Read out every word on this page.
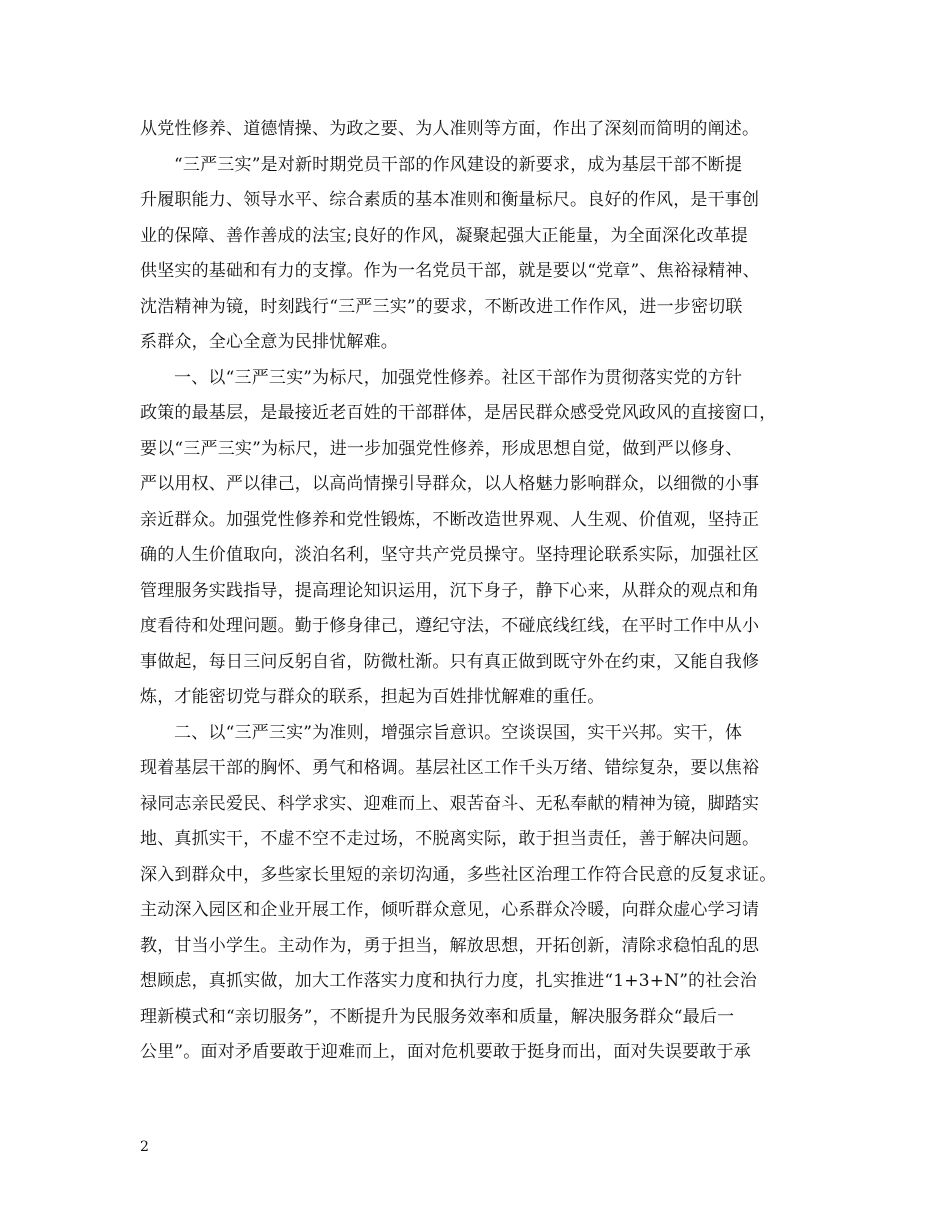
从党性修养、道德情操、为政之要、为人准则等方面，作出了深刻而简明的阐述。
“三严三实”是对新时期党员干部的作风建设的新要求，成为基层干部不断提
升履职能力、领导水平、综合素质的基本准则和衡量标尺。良好的作风，是干事创
业的保障、善作善成的法宝;良好的作风，凝聚起强大正能量，为全面深化改革提
供坚实的基础和有力的支撑。作为一名党员干部，就是要以“党章”、焦裕禄精神、
沈浩精神为镜，时刻践行“三严三实”的要求，不断改进工作作风，进一步密切联
系群众，全心全意为民排忧解难。
一、以“三严三实”为标尺，加强党性修养。社区干部作为贯彻落实党的方针
政策的最基层，是最接近老百姓的干部群体，是居民群众感受党风政风的直接窗口，
要以“三严三实”为标尺，进一步加强党性修养，形成思想自觉，做到严以修身、
严以用权、严以律己，以高尚情操引导群众，以人格魅力影响群众，以细微的小事
亲近群众。加强党性修养和党性锻炼，不断改造世界观、人生观、价值观，坚持正
确的人生价值取向，淡泊名利，坚守共产党员操守。坚持理论联系实际，加强社区
管理服务实践指导，提高理论知识运用，沉下身子，静下心来，从群众的观点和角
度看待和处理问题。勤于修身律己，遵纪守法，不碰底线红线，在平时工作中从小
事做起，每日三问反躬自省，防微杜渐。只有真正做到既守外在约束，又能自我修
炼，才能密切党与群众的联系，担起为百姓排忧解难的重任。
二、以“三严三实”为准则，增强宗旨意识。空谈误国，实干兴邦。实干，体
现着基层干部的胸怀、勇气和格调。基层社区工作千头万绪、错综复杂，要以焦裕
禄同志亲民爱民、科学求实、迎难而上、艰苦奋斗、无私奉献的精神为镜，脚踏实
地、真抓实干，不虚不空不走过场，不脱离实际，敢于担当责任，善于解决问题。
深入到群众中，多些家长里短的亲切沟通，多些社区治理工作符合民意的反复求证。
主动深入园区和企业开展工作，倾听群众意见，心系群众冷暖，向群众虚心学习请
教，甘当小学生。主动作为，勇于担当，解放思想，开拓创新，清除求稳怕乱的思
想顾虑，真抓实做，加大工作落实力度和执行力度，扎实推进“1+3+N”的社会治
理新模式和“亲切服务”，不断提升为民服务效率和质量，解决服务群众“最后一
公里”。面对矛盾要敢于迎难而上，面对危机要敢于挺身而出，面对失误要敢于承
2
